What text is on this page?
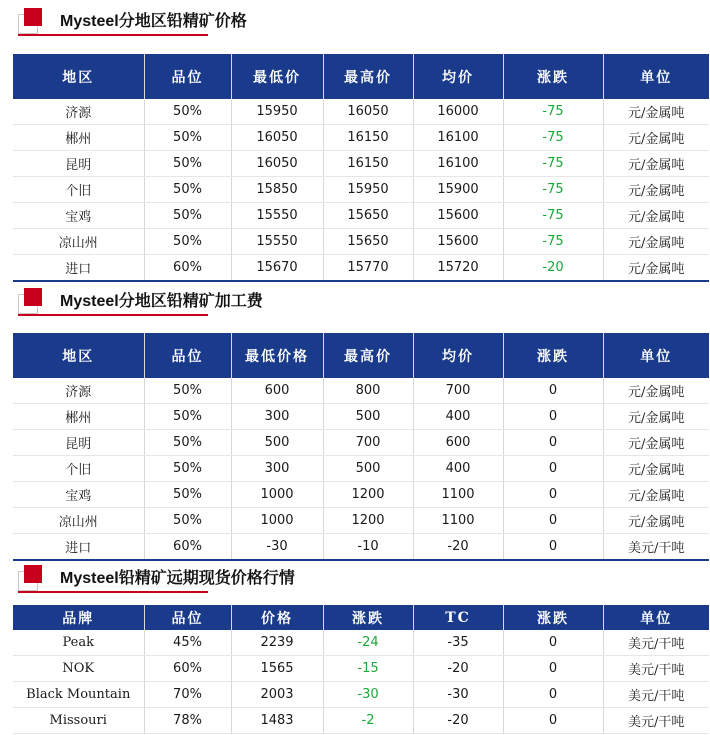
Mysteel分地区铅精矿价格
地区	品位	最低价	最高价	均价	涨跌	单位
济源	50%	15950	16050	16000	-75	元/金属吨
郴州	50%	16050	16150	16100	-75	元/金属吨
昆明	50%	16050	16150	16100	-75	元/金属吨
个旧	50%	15850	15950	15900	-75	元/金属吨
宝鸡	50%	15550	15650	15600	-75	元/金属吨
凉山州	50%	15550	15650	15600	-75	元/金属吨
进口	60%	15670	15770	15720	-20	元/金属吨
Mysteel分地区铅精矿加工费
地区	品位	最低价格	最高价	均价	涨跌	单位
济源	50%	600	800	700	0	元/金属吨
郴州	50%	300	500	400	0	元/金属吨
昆明	50%	500	700	600	0	元/金属吨
个旧	50%	300	500	400	0	元/金属吨
宝鸡	50%	1000	1200	1100	0	元/金属吨
凉山州	50%	1000	1200	1100	0	元/金属吨
进口	60%	-30	-10	-20	0	美元/干吨
Mysteel铅精矿远期现货价格行情
品牌	品位	价格	涨跌	TC	涨跌	单位
Peak	45%	2239	-24	-35	0	美元/干吨
NOK	60%	1565	-15	-20	0	美元/干吨
Black Mountain	70%	2003	-30	-30	0	美元/干吨
Missouri	78%	1483	-2	-20	0	美元/干吨
